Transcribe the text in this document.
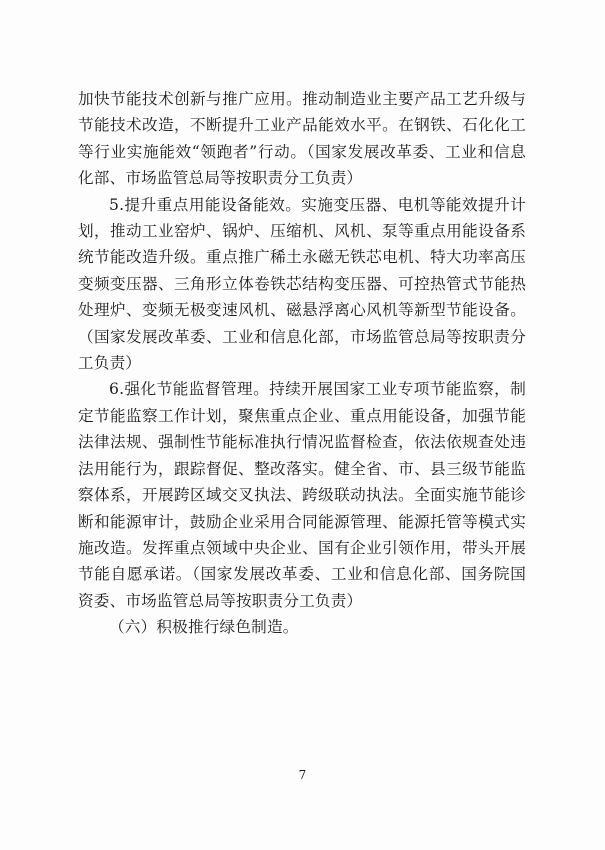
加快节能技术创新与推广应用。推动制造业主要产品工艺升级与节能技术改造，不断提升工业产品能效水平。在钢铁、石化化工等行业实施能效“领跑者”行动。（国家发展改革委、工业和信息化部、市场监管总局等按职责分工负责）

5.提升重点用能设备能效。实施变压器、电机等能效提升计划，推动工业窑炉、锅炉、压缩机、风机、泵等重点用能设备系统节能改造升级。重点推广稀土永磁无铁芯电机、特大功率高压变频变压器、三角形立体卷铁芯结构变压器、可控热管式节能热处理炉、变频无极变速风机、磁悬浮离心风机等新型节能设备。（国家发展改革委、工业和信息化部，市场监管总局等按职责分工负责）

6.强化节能监督管理。持续开展国家工业专项节能监察，制定节能监察工作计划，聚焦重点企业、重点用能设备，加强节能法律法规、强制性节能标准执行情况监督检查，依法依规查处违法用能行为，跟踪督促、整改落实。健全省、市、县三级节能监察体系，开展跨区域交叉执法、跨级联动执法。全面实施节能诊断和能源审计，鼓励企业采用合同能源管理、能源托管等模式实施改造。发挥重点领域中央企业、国有企业引领作用，带头开展节能自愿承诺。（国家发展改革委、工业和信息化部、国务院国资委、市场监管总局等按职责分工负责）

（六）积极推行绿色制造。

7
